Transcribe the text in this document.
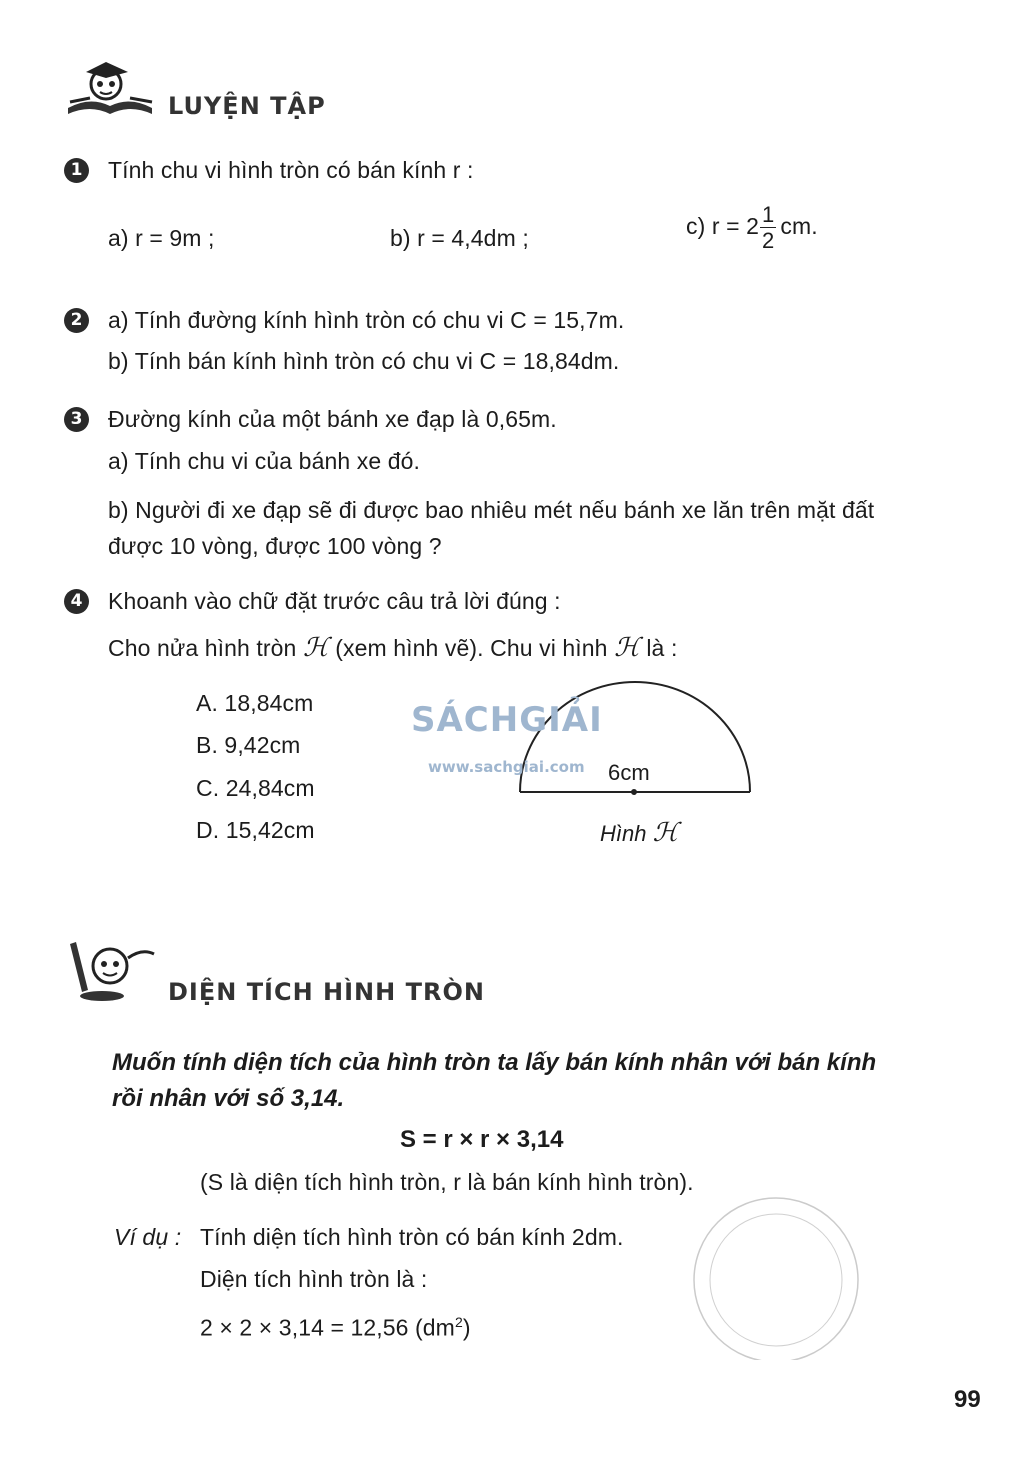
LUYỆN TẬP
1 Tính chu vi hình tròn có bán kính r :
a) r = 9m ;	b) r = 4,4dm ;	c) $r = 2 \frac{1}{2}$ cm.
2 a) Tính đường kính hình tròn có chu vi C = 15,7m.
b) Tính bán kính hình tròn có chu vi C = 18,84dm.
3 Đường kính của một bánh xe đạp là 0,65m.
a) Tính chu vi của bánh xe đó.
b) Người đi xe đạp sẽ đi được bao nhiêu mét nếu bánh xe lăn trên mặt đất
được 10 vòng, được 100 vòng ?
4 Khoanh vào chữ đặt trước câu trả lời đúng :
Cho nửa hình tròn ℋ (xem hình vẽ). Chu vi hình ℋ là :
A. 18,84cm
B. 9,42cm
C. 24,84cm
D. 15,42cm
6cm
Hình ℋ
SÁCHGIẢI
www.sachgiai.com
DIỆN TÍCH HÌNH TRÒN
Muốn tính diện tích của hình tròn ta lấy bán kính nhân với bán kính
rồi nhân với số 3,14.
S = r × r × 3,14
(S là diện tích hình tròn, r là bán kính hình tròn).
Ví dụ : Tính diện tích hình tròn có bán kính 2dm.
Diện tích hình tròn là :
2 × 2 × 3,14 = 12,56 $(dm^2)$
99
